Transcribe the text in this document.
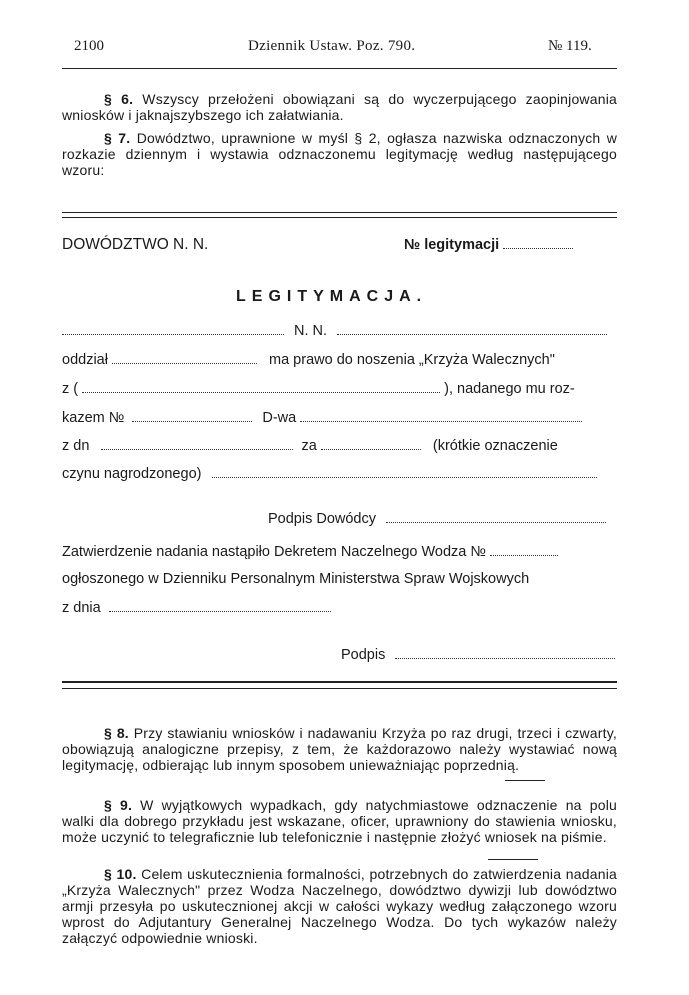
2100	Dziennik Ustaw. Poz. 790.	№ 119.
§ 6. Wszyscy przełożeni obowiązani są do wyczerpującego zaopinjowania wniosków i jaknajszybszego ich załatwiania.
§ 7. Dowództwo, uprawnione w myśl § 2, ogłasza nazwiska odznaczonych w rozkazie dziennym i wystawia odznaczonemu legitymację według następującego wzoru:
DOWÓDZTWO N. N.	№ legitymacji
LEGITYMACJA.
N. N.
oddział	ma prawo do noszenia „Krzyża Walecznych"
z (	), nadanego mu roz-
kazem №	D-wa
z dn	za	(krótkie oznaczenie
czynu nagrodzonego)
Podpis Dowódcy
Zatwierdzenie nadania nastąpiło Dekretem Naczelnego Wodza №
ogłoszonego w Dzienniku Personalnym Ministerstwa Spraw Wojskowych
z dnia
Podpis
§ 8. Przy stawianiu wniosków i nadawaniu Krzyża po raz drugi, trzeci i czwarty, obowiązują analogiczne przepisy, z tem, że każdorazowo należy wystawiać nową legitymację, odbierając lub innym sposobem unieważniając poprzednią.
§ 9. W wyjątkowych wypadkach, gdy natychmiastowe odznaczenie na polu walki dla dobrego przykładu jest wskazane, oficer, uprawniony do stawienia wniosku, może uczynić to telegraficznie lub telefonicznie i następnie złożyć wniosek na piśmie.
§ 10. Celem uskutecznienia formalności, potrzebnych do zatwierdzenia nadania „Krzyża Walecznych" przez Wodza Naczelnego, dowództwo dywizji lub dowództwo armji przesyła po uskutecznionej akcji w całości wykazy według załączonego wzoru wprost do Adjutantury Generalnej Naczelnego Wodza. Do tych wykazów należy załączyć odpowiednie wnioski.
